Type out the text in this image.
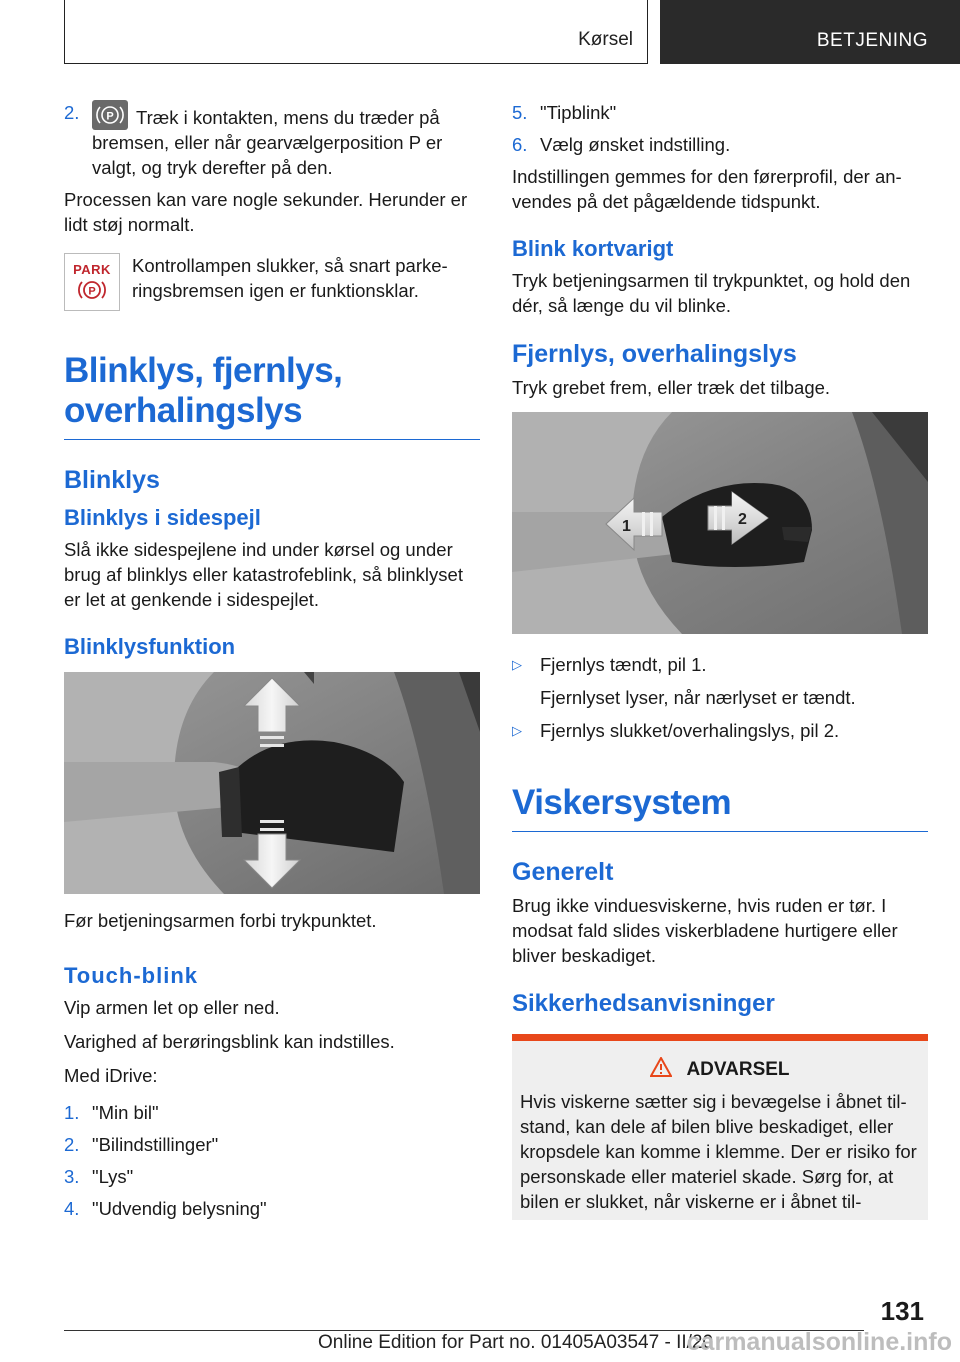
Kørsel	BETJENING
2.	P Træk i kontakten, mens du træder på bremsen, eller når gearvælgerposition P er valgt, og tryk derefter på den.

Processen kan vare nogle sekunder. Herunder er lidt støj normalt.

PARK
P
Kontrollampen slukker, så snart parkeringsbremsen igen er funktionsklar.
Blinklys, fjernlys, overhalingslys
Blinklys
Blinklys i sidespejl

Slå ikke sidespejlene ind under kørsel og under brug af blinklys eller katastrofeblink, så blinklyset er let at genkende i sidespejlet.

Blinklysfunktion

Før betjeningsarmen forbi trykpunktet.

Touch-blink

Vip armen let op eller ned.

Varighed af berøringsblink kan indstilles.

Med iDrive:

1. "Min bil"
2. "Bilindstillinger"
3. "Lys"
4. "Udvendig belysning"
5. "Tipblink"
6. Vælg ønsket indstilling.

Indstillingen gemmes for den førerprofil, der anvendes på det pågældende tidspunkt.

Blink kortvarigt

Tryk betjeningsarmen til trykpunktet, og hold den dér, så længe du vil blinke.

Fjernlys, overhalingslys

Tryk grebet frem, eller træk det tilbage.

1	2
▷ Fjernlys tændt, pil 1.
Fjernlyset lyser, når nærlyset er tændt.
▷ Fjernlys slukket/overhalingslys, pil 2.
Viskersystem
Generelt

Brug ikke vinduesviskerne, hvis ruden er tør. I modsat fald slides viskerbladene hurtigere eller bliver beskadiget.

Sikkerhedsanvisninger
ADVARSEL
Hvis viskerne sætter sig i bevægelse i åbnet tilstand, kan dele af bilen blive beskadiget, eller kropsdele kan komme i klemme. Der er risiko for personskade eller materiel skade. Sørg for, at bilen er slukket, når viskerne er i åbnet til-
131
Online Edition for Part no. 01405A03547 - II/20
carmanualsonline.info
